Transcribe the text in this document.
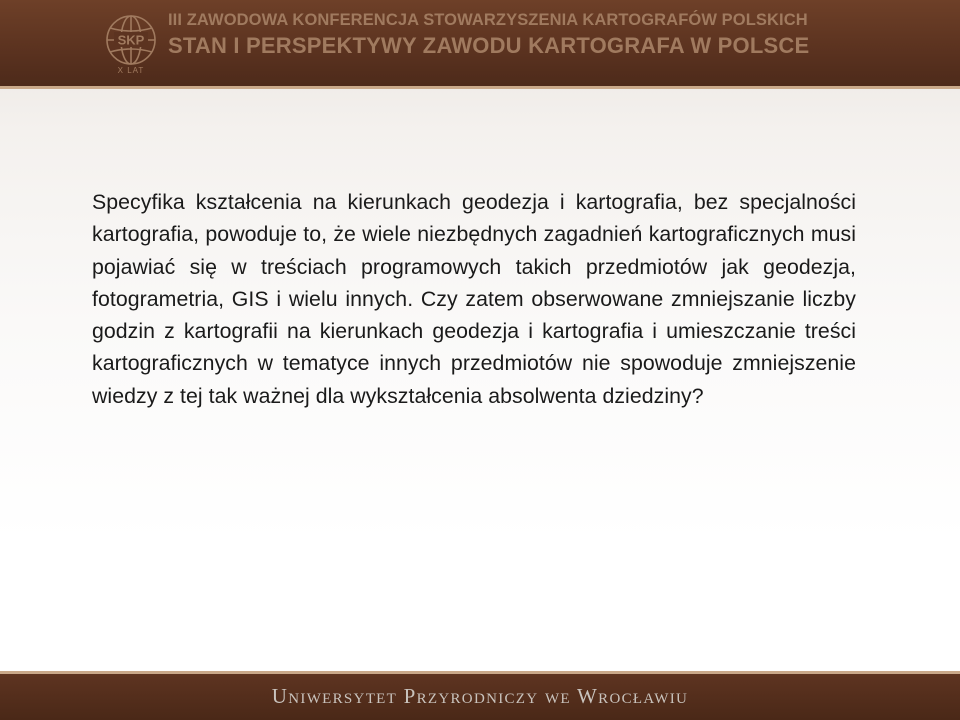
SKP
X LAT
III ZAWODOWA KONFERENCJA STOWARZYSZENIA KARTOGRAFÓW POLSKICH
STAN I PERSPEKTYWY ZAWODU KARTOGRAFA W POLSCE

Specyfika kształcenia na kierunkach geodezja i kartografia, bez specjalności kartografia, powoduje to, że wiele niezbędnych zagadnień kartograficznych musi pojawiać się w treściach programowych takich przedmiotów jak geodezja, fotogrametria, GIS i wielu innych. Czy zatem obserwowane zmniejszanie liczby godzin z kartografii na kierunkach geodezja i kartografia i umieszczanie treści kartograficznych w tematyce innych przedmiotów nie spowoduje zmniejszenie wiedzy z tej tak ważnej dla wykształcenia absolwenta dziedziny?

Uniwersytet Przyrodniczy we Wrocławiu
